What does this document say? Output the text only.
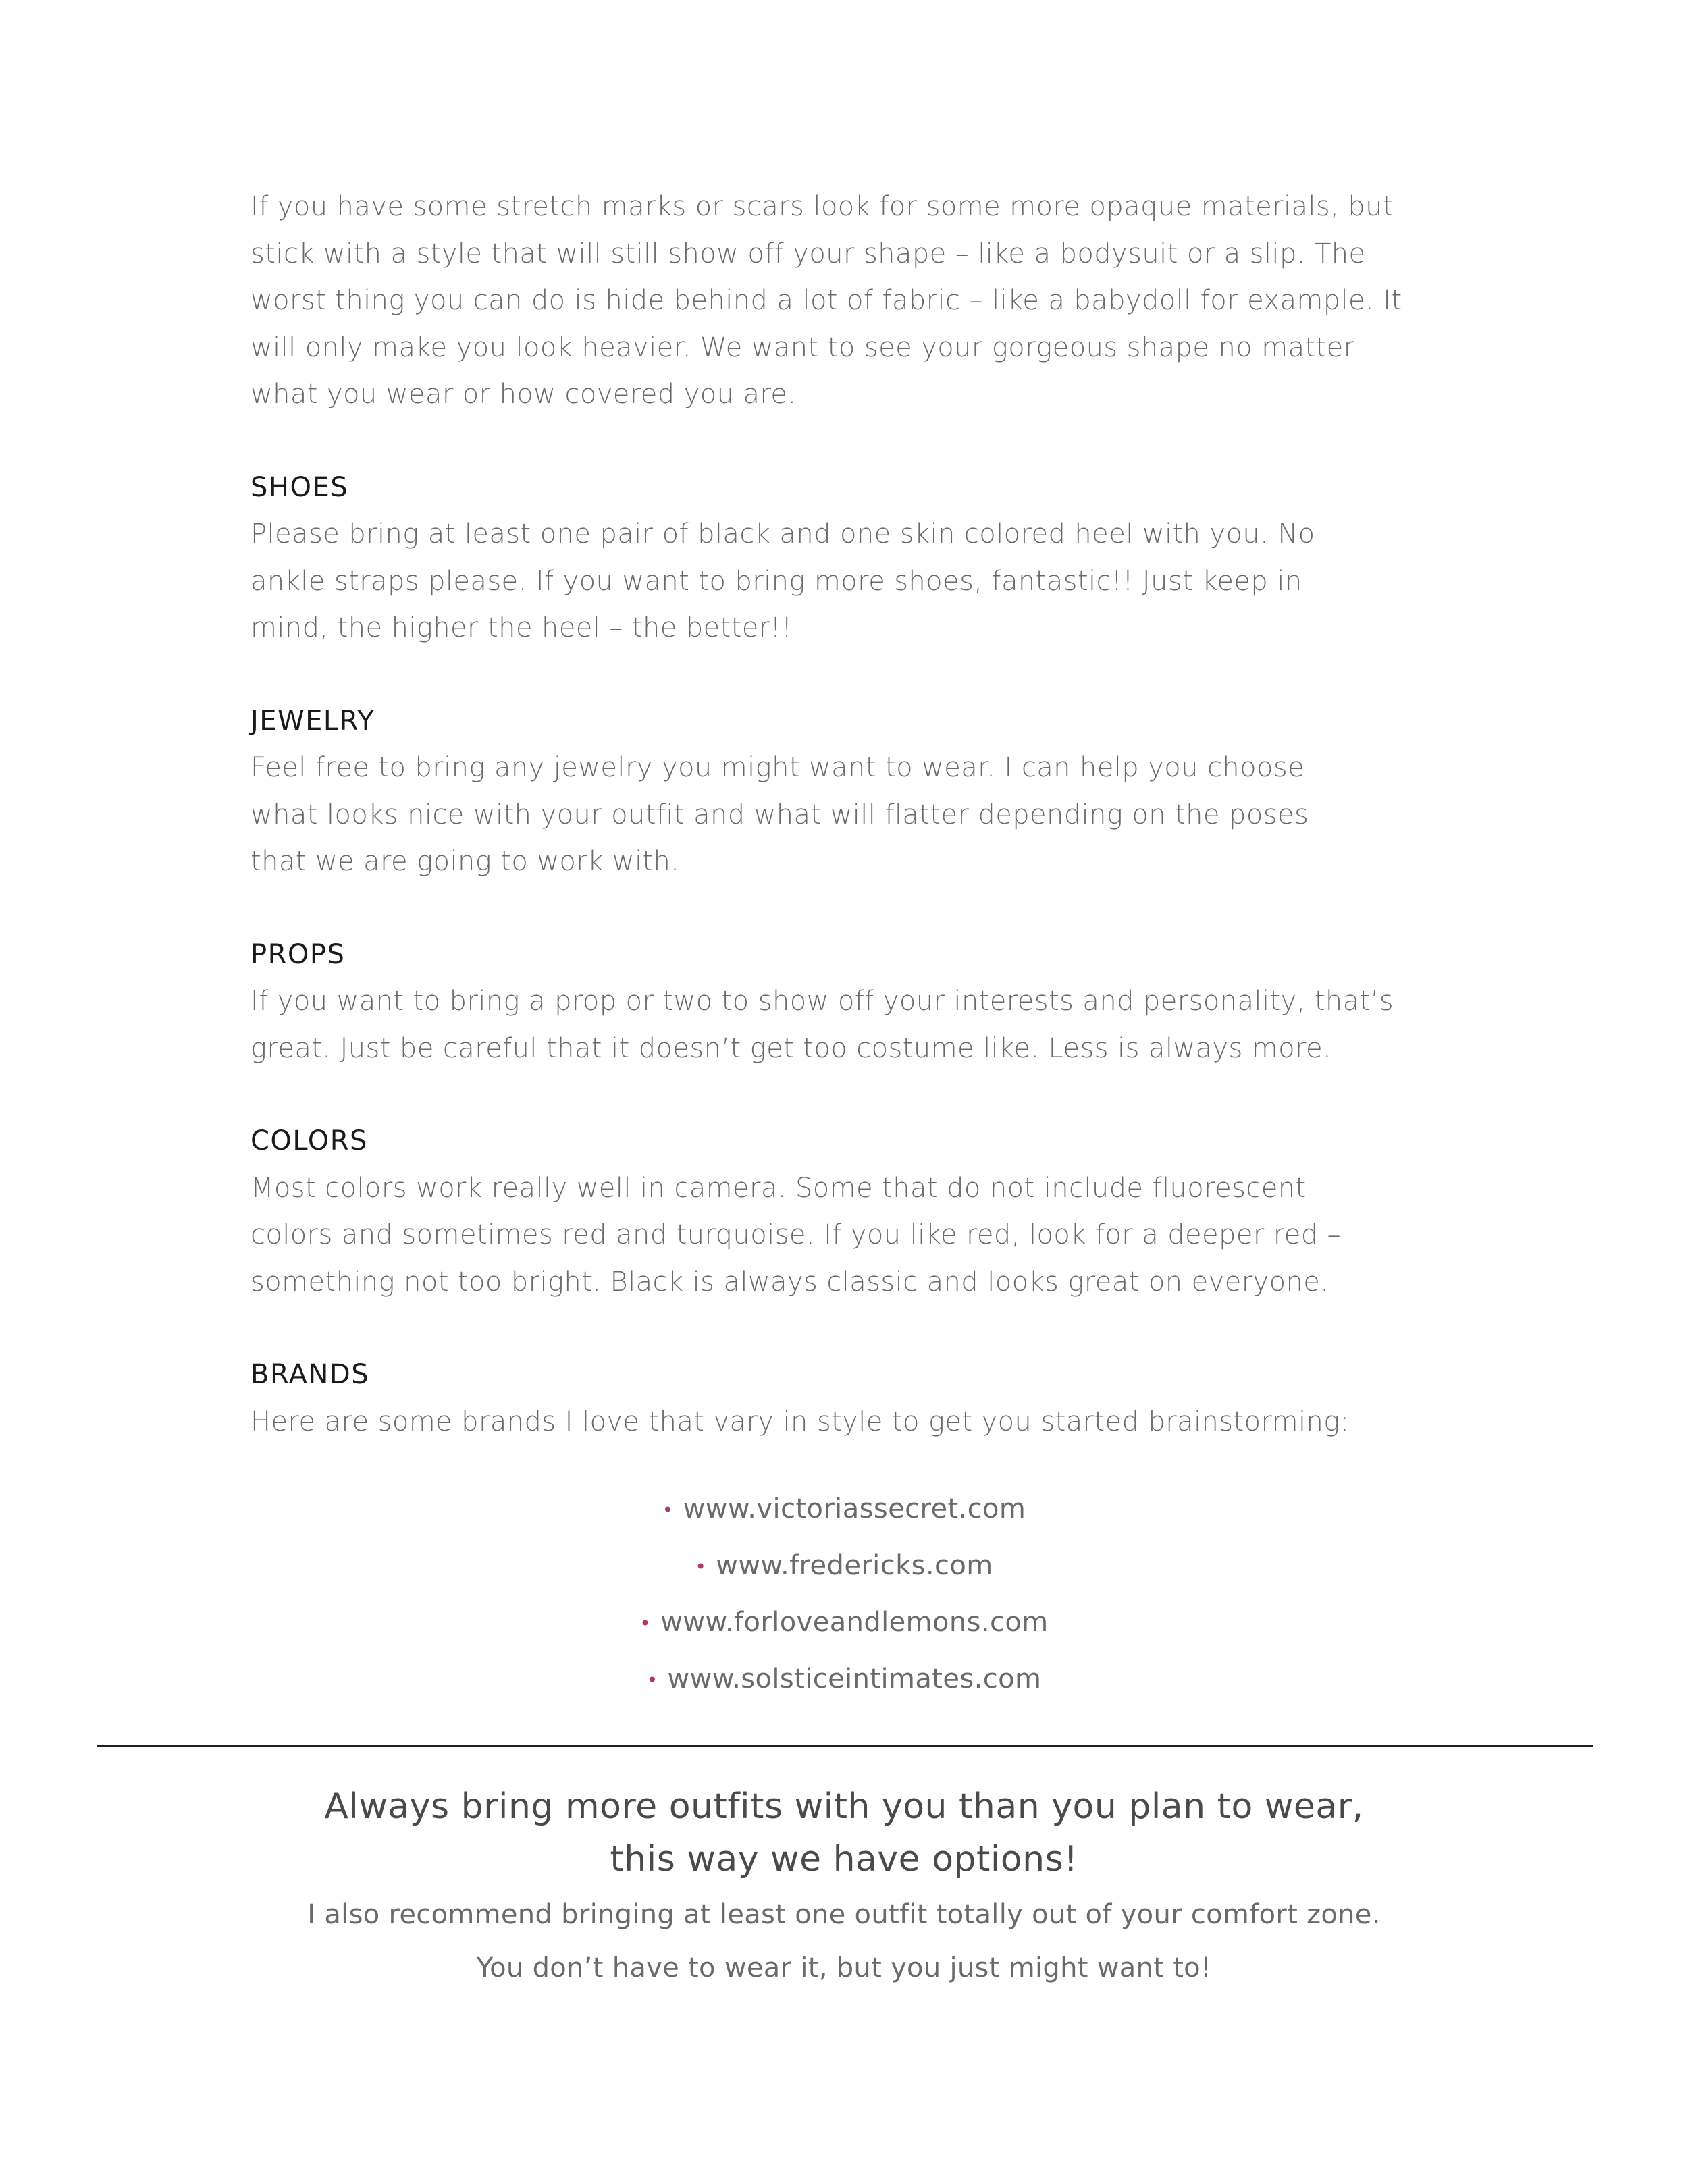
If you have some stretch marks or scars look for some more opaque materials, but
stick with a style that will still show off your shape – like a bodysuit or a slip. The
worst thing you can do is hide behind a lot of fabric – like a babydoll for example. It
will only make you look heavier. We want to see your gorgeous shape no matter
what you wear or how covered you are.

SHOES

Please bring at least one pair of black and one skin colored heel with you. No
ankle straps please. If you want to bring more shoes, fantastic!! Just keep in
mind, the higher the heel – the better!!

JEWELRY

Feel free to bring any jewelry you might want to wear. I can help you choose
what looks nice with your outfit and what will flatter depending on the poses
that we are going to work with.

PROPS

If you want to bring a prop or two to show off your interests and personality, that’s
great. Just be careful that it doesn’t get too costume like. Less is always more.

COLORS

Most colors work really well in camera. Some that do not include fluorescent
colors and sometimes red and turquoise. If you like red, look for a deeper red –
something not too bright. Black is always classic and looks great on everyone.

BRANDS

Here are some brands I love that vary in style to get you started brainstorming:

• www.victoriassecret.com
• www.fredericks.com
• www.forloveandlemons.com
• www.solsticeintimates.com

Always bring more outfits with you than you plan to wear,
this way we have options!

I also recommend bringing at least one outfit totally out of your comfort zone.
You don’t have to wear it, but you just might want to!
